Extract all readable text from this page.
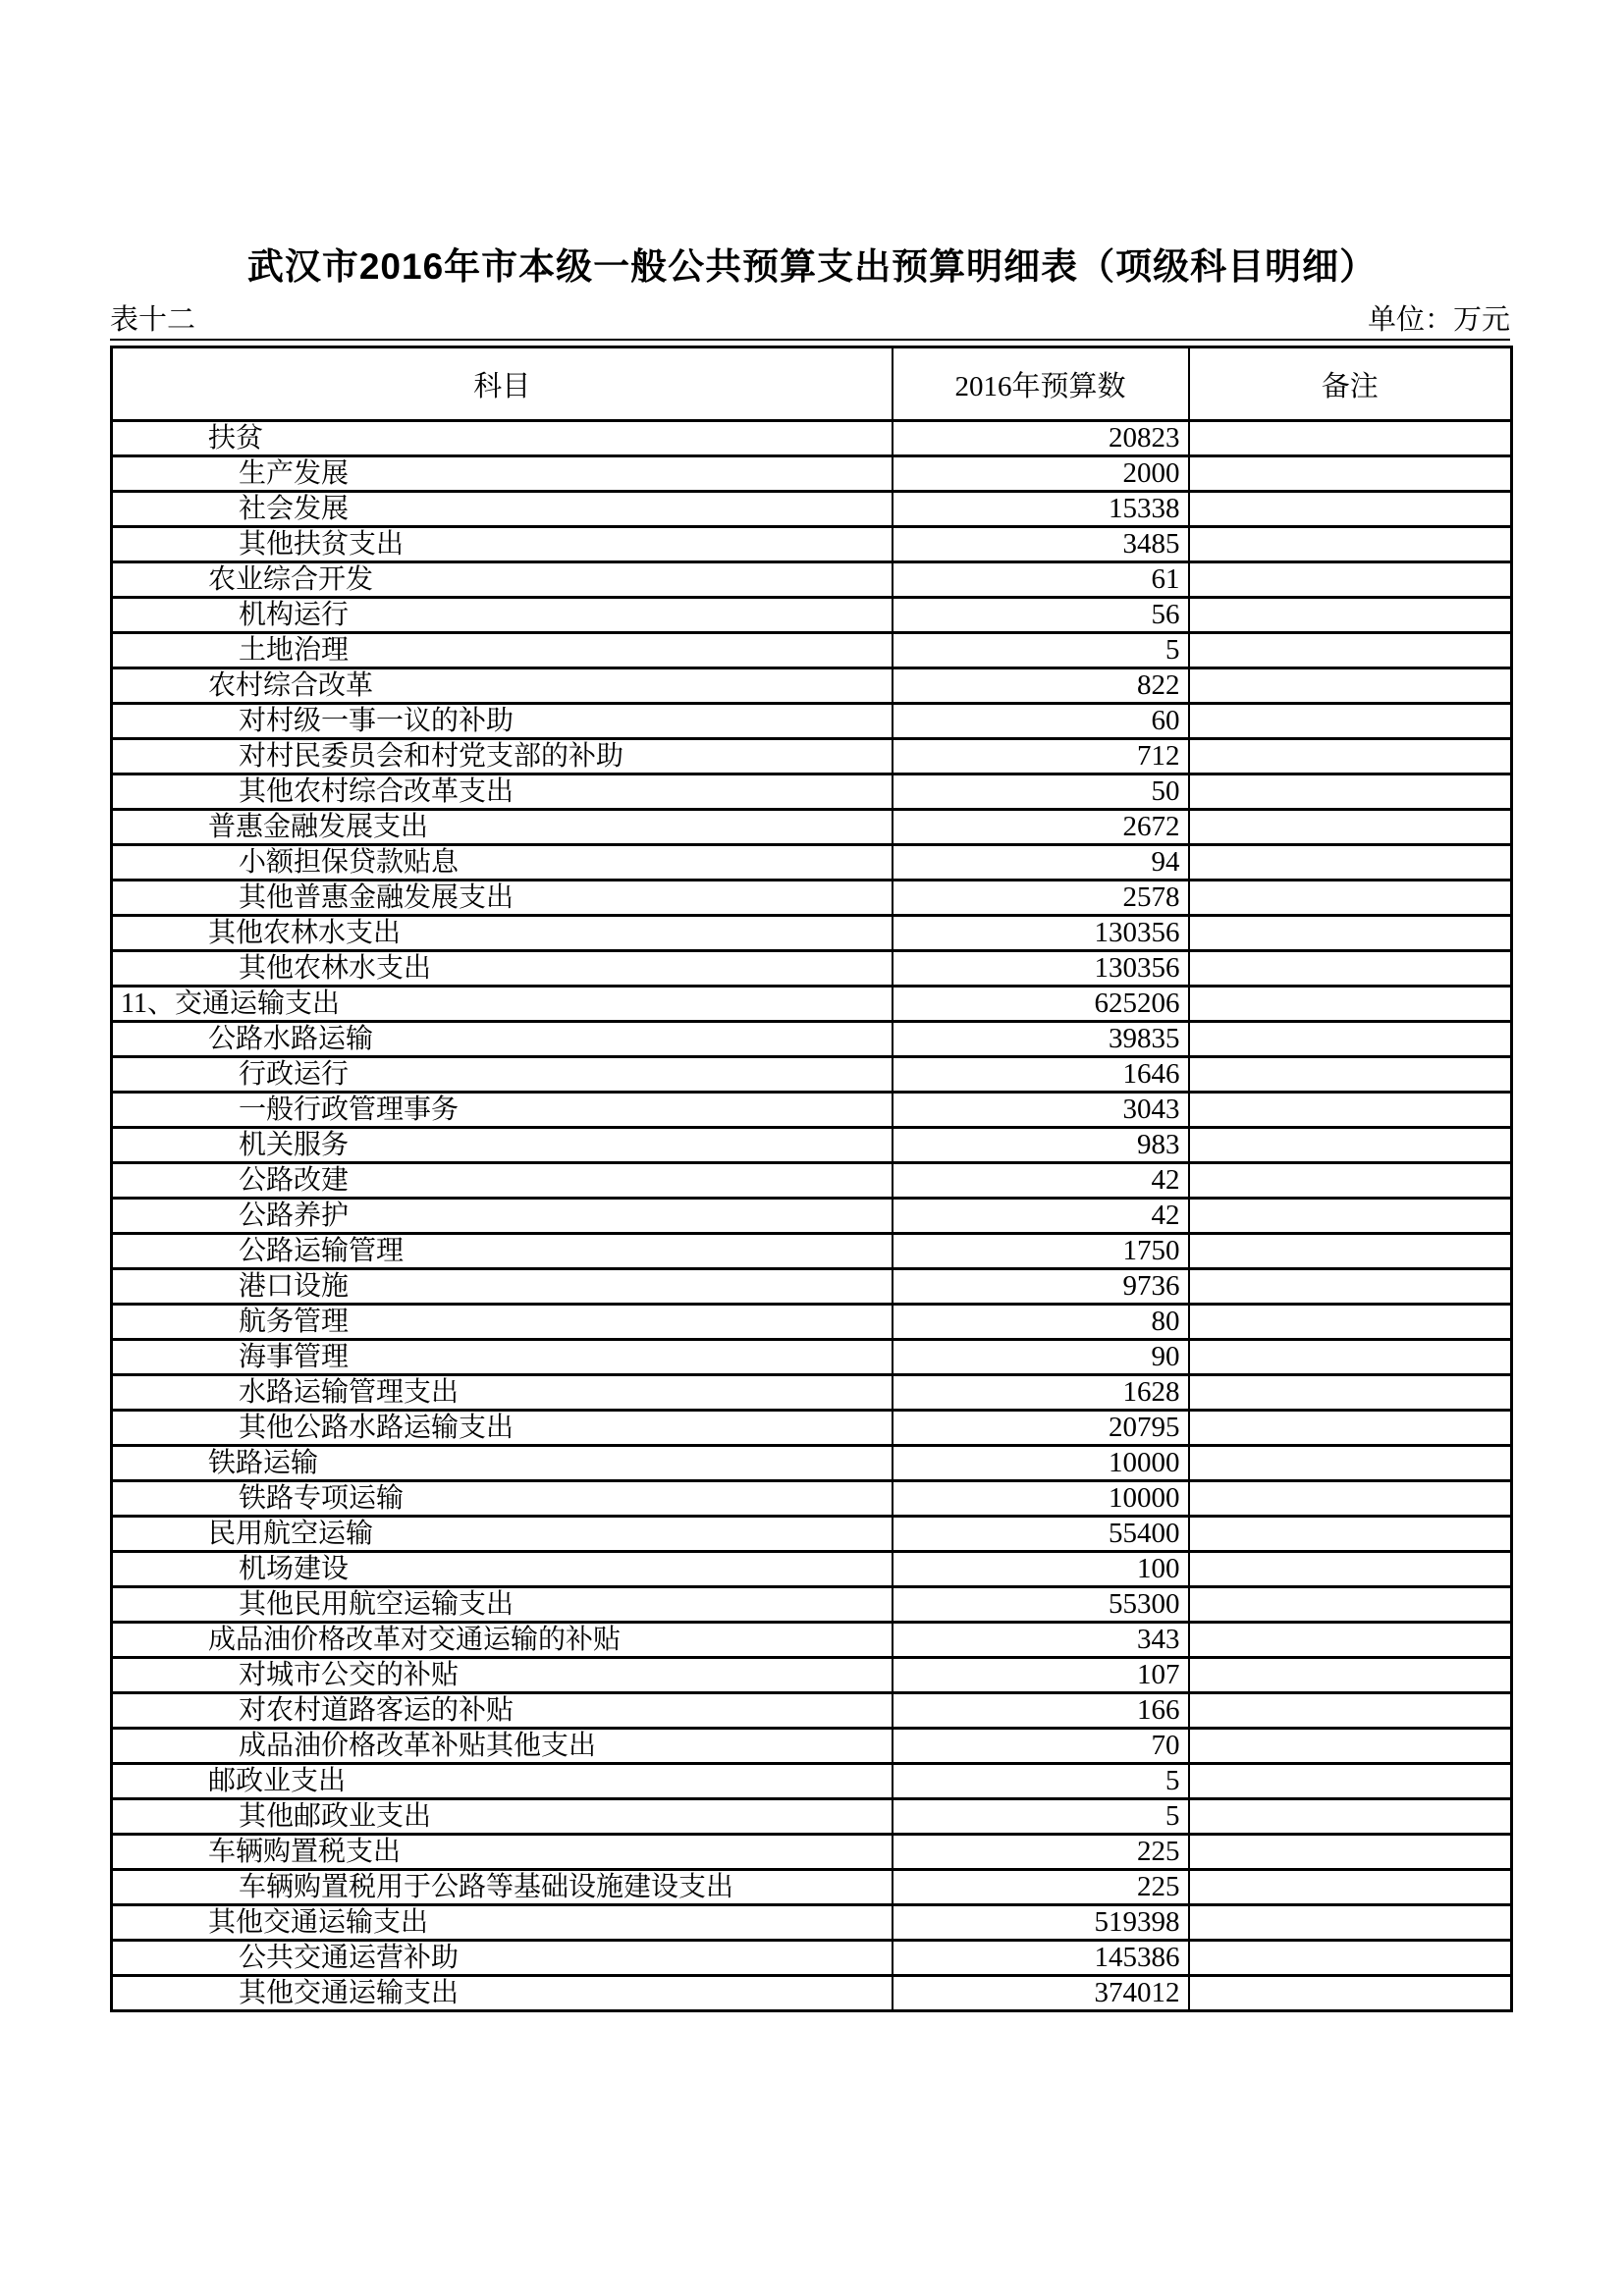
武汉市2016年市本级一般公共预算支出预算明细表（项级科目明细）
表十二	单位：万元
科目	2016年预算数	备注
扶贫	20823	
生产发展	2000	
社会发展	15338	
其他扶贫支出	3485	
农业综合开发	61	
机构运行	56	
土地治理	5	
农村综合改革	822	
对村级一事一议的补助	60	
对村民委员会和村党支部的补助	712	
其他农村综合改革支出	50	
普惠金融发展支出	2672	
小额担保贷款贴息	94	
其他普惠金融发展支出	2578	
其他农林水支出	130356	
其他农林水支出	130356	
11、交通运输支出	625206	
公路水路运输	39835	
行政运行	1646	
一般行政管理事务	3043	
机关服务	983	
公路改建	42	
公路养护	42	
公路运输管理	1750	
港口设施	9736	
航务管理	80	
海事管理	90	
水路运输管理支出	1628	
其他公路水路运输支出	20795	
铁路运输	10000	
铁路专项运输	10000	
民用航空运输	55400	
机场建设	100	
其他民用航空运输支出	55300	
成品油价格改革对交通运输的补贴	343	
对城市公交的补贴	107	
对农村道路客运的补贴	166	
成品油价格改革补贴其他支出	70	
邮政业支出	5	
其他邮政业支出	5	
车辆购置税支出	225	
车辆购置税用于公路等基础设施建设支出	225	
其他交通运输支出	519398	
公共交通运营补助	145386	
其他交通运输支出	374012	
